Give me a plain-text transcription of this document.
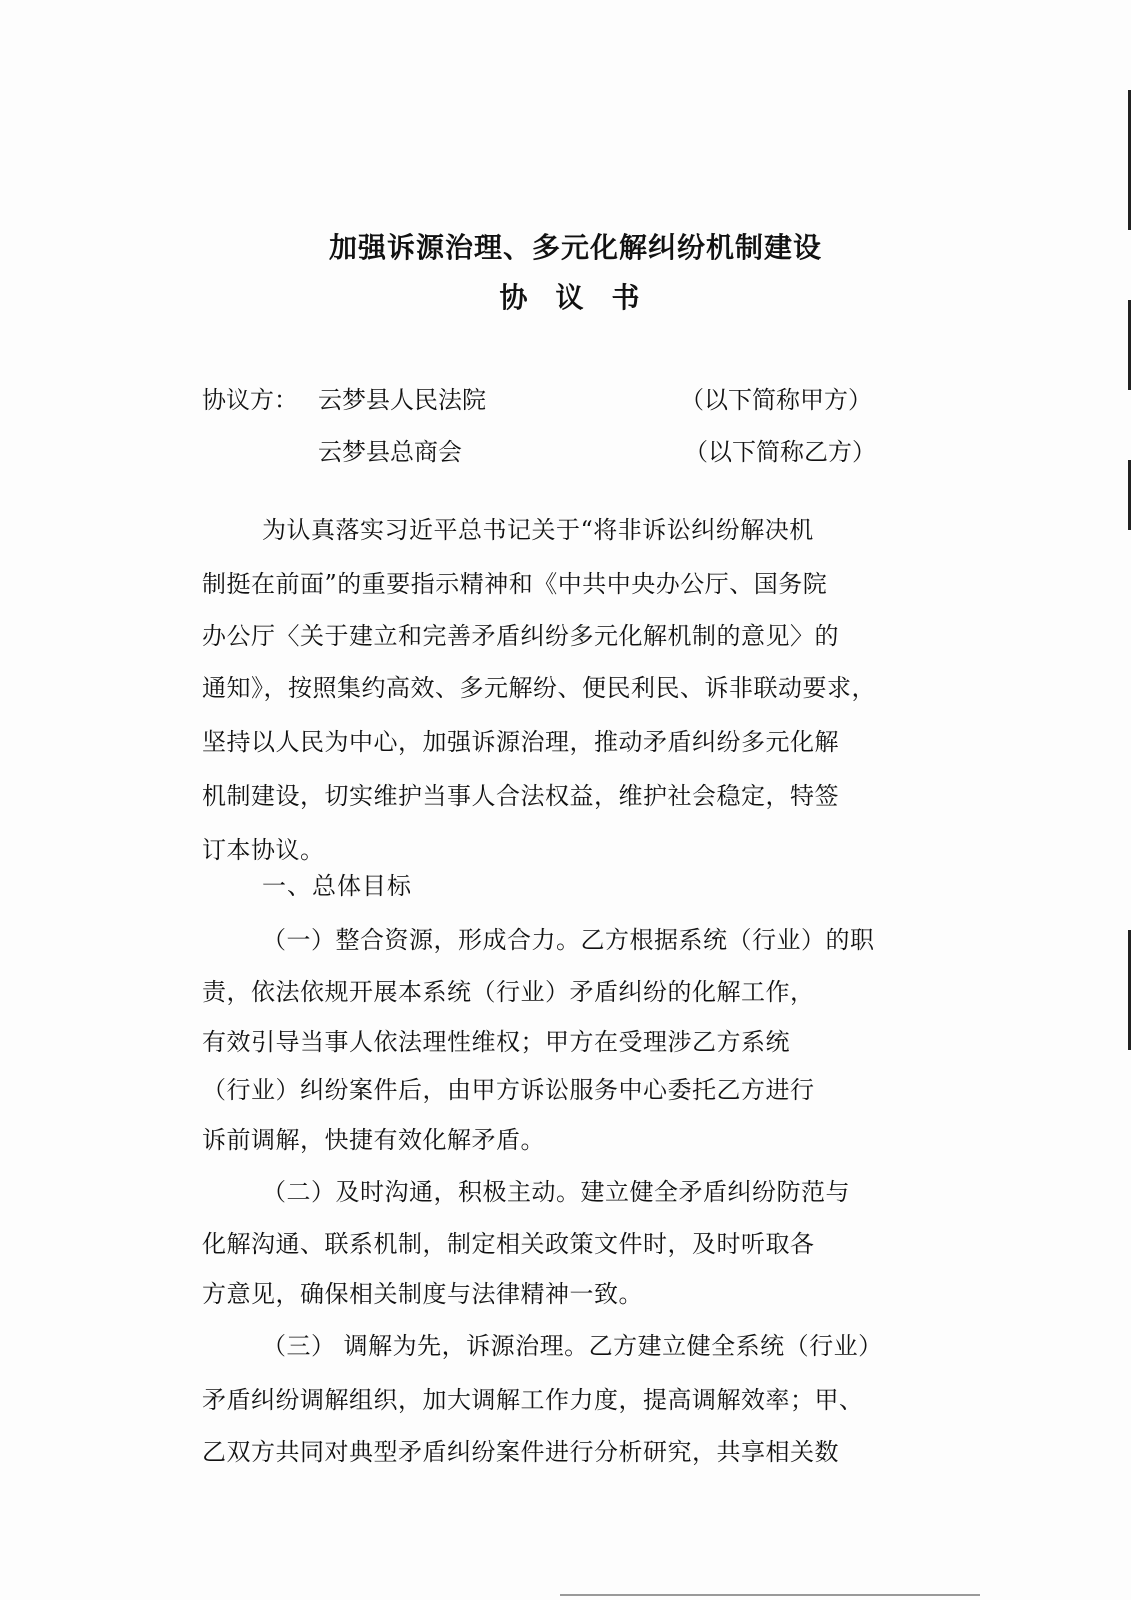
加强诉源治理、多元化解纠纷机制建设
协议书
协议方： 云梦县人民法院	（以下简称甲方）
云梦县总商会	（以下简称乙方）
为认真落实习近平总书记关于“将非诉讼纠纷解决机
制挺在前面”的重要指示精神和《中共中央办公厅、国务院
办公厅〈关于建立和完善矛盾纠纷多元化解机制的意见〉的
通知》，按照集约高效、多元解纷、便民利民、诉非联动要求，
坚持以人民为中心，加强诉源治理，推动矛盾纠纷多元化解
机制建设，切实维护当事人合法权益，维护社会稳定，特签
订本协议。
一、总体目标
（一）整合资源，形成合力。乙方根据系统（行业）的职
责，依法依规开展本系统（行业）矛盾纠纷的化解工作，
有效引导当事人依法理性维权；甲方在受理涉乙方系统
（行业）纠纷案件后，由甲方诉讼服务中心委托乙方进行
诉前调解，快捷有效化解矛盾。
（二）及时沟通，积极主动。建立健全矛盾纠纷防范与
化解沟通、联系机制，制定相关政策文件时，及时听取各
方意见，确保相关制度与法律精神一致。
（三） 调解为先，诉源治理。乙方建立健全系统（行业）
矛盾纠纷调解组织，加大调解工作力度，提高调解效率；甲、
乙双方共同对典型矛盾纠纷案件进行分析研究，共享相关数
